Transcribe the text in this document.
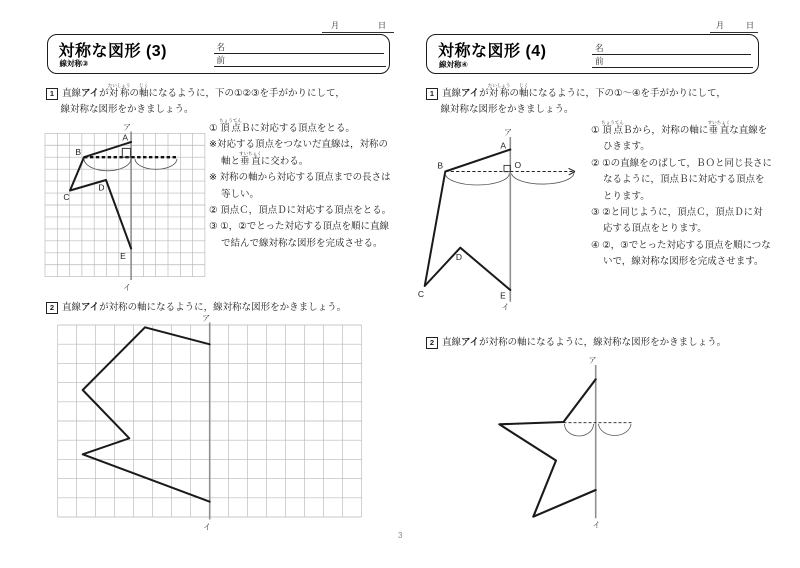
月	日
対称な図形 (3)
線対称③
名
前
1 直線アイが対称たいしょうの軸じくになるように，下の①②③を手がかりにして，
線対称な図形をかきましょう。
① 頂点ちょうてんＢに対応する頂点をとる。
※対応する頂点をつないだ直線は，対称の軸と垂直すいちょくに交わる。
※ 対称の軸から対応する頂点までの長さは等しい。
② 頂点Ｃ，頂点Ｄに対応する頂点をとる。
③ ①，②でとった対応する頂点を順に直線で結んで線対称な図形を完成させる。
2 直線アイが対称の軸になるように，線対称な図形をかきましょう。
月	日
対称な図形 (4)
線対称④
名
前
1 直線アイが対称たいしょうの軸じくになるように，下の①〜④を手がかりにして，
線対称な図形をかきましょう。
① 頂点ちょうてんＢから，対称の軸に垂直すいちょくな直線をひきます。
② ①の直線をのばして，ＢＯと同じ長さになるように，頂点Ｂに対応する頂点をとります。
③ ②と同じように，頂点Ｃ，頂点Ｄに対応する頂点をとります。
④ ②，③でとった対応する頂点を順につないで，線対称な図形を完成させます。
2 直線アイが対称の軸になるように，線対称な図形をかきましょう。
3
ア
イ
A
B
C
D
E
ア
イ
ア
イ
A
B
C
D
E
O
ア
イ
